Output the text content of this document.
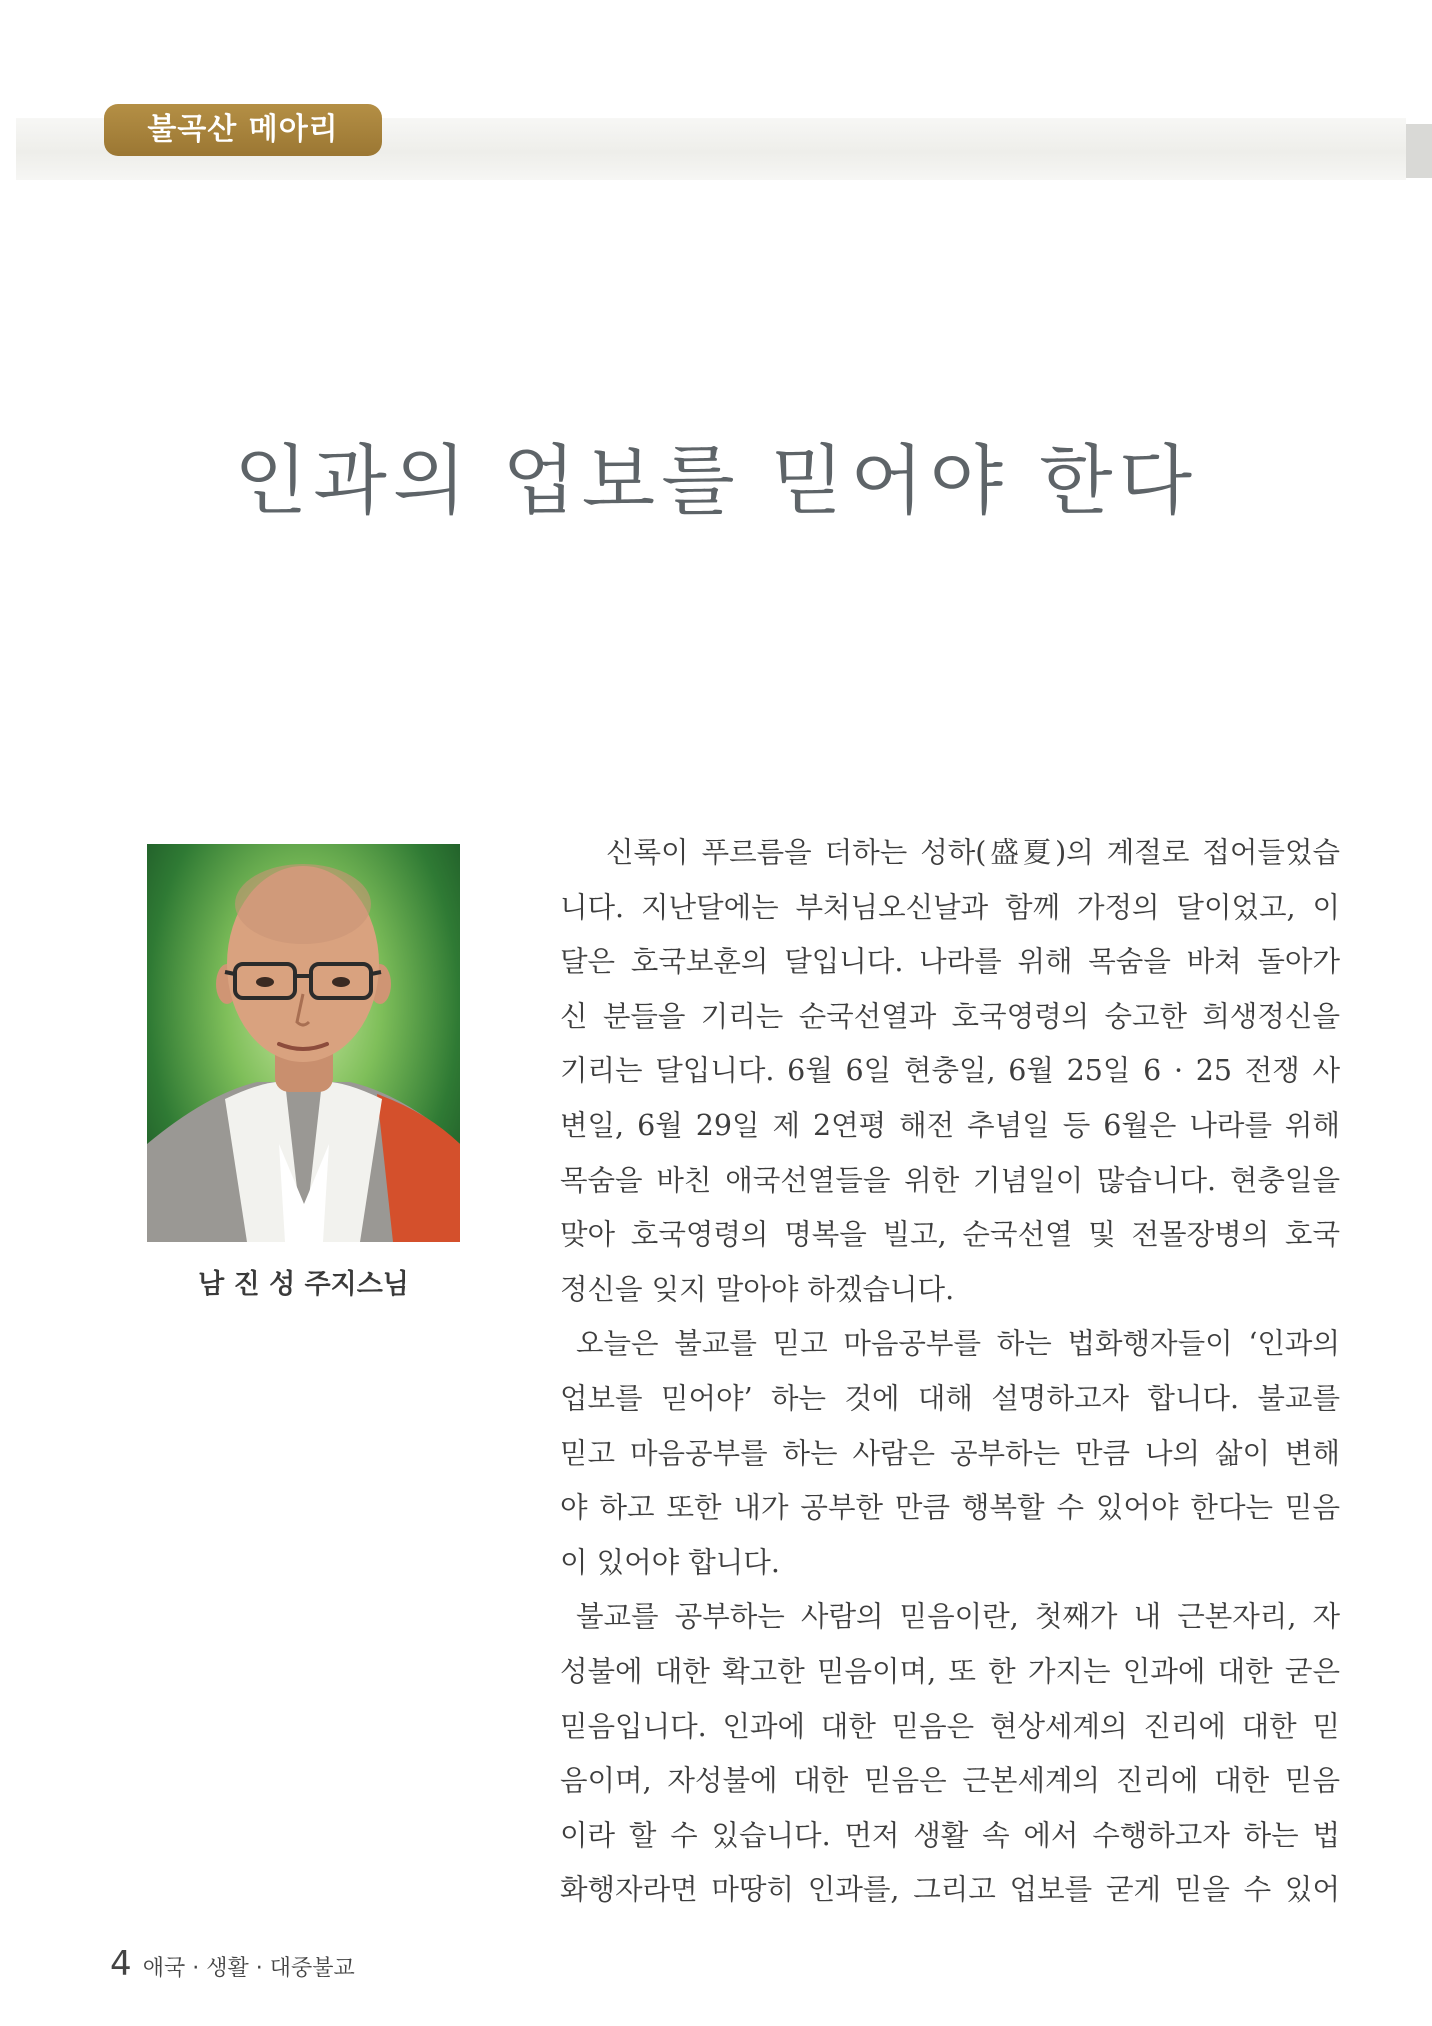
불곡산 메아리
인과의 업보를 믿어야 한다
남 진 성 주지스님
신록이 푸르름을 더하는 성하(盛夏)의 계절로 접어들었습
니다. 지난달에는 부처님오신날과 함께 가정의 달이었고, 이
달은 호국보훈의 달입니다. 나라를 위해 목숨을 바쳐 돌아가
신 분들을 기리는 순국선열과 호국영령의 숭고한 희생정신을
기리는 달입니다. 6월 6일 현충일, 6월 25일 6 · 25 전쟁 사
변일, 6월 29일 제 2연평 해전 추념일 등 6월은 나라를 위해
목숨을 바친 애국선열들을 위한 기념일이 많습니다. 현충일을
맞아 호국영령의 명복을 빌고, 순국선열 및 전몰장병의 호국
정신을 잊지 말아야 하겠습니다.
오늘은 불교를 믿고 마음공부를 하는 법화행자들이 ‘인과의
업보를 믿어야’ 하는 것에 대해 설명하고자 합니다. 불교를
믿고 마음공부를 하는 사람은 공부하는 만큼 나의 삶이 변해
야 하고 또한 내가 공부한 만큼 행복할 수 있어야 한다는 믿음
이 있어야 합니다.
불교를 공부하는 사람의 믿음이란, 첫째가 내 근본자리, 자
성불에 대한 확고한 믿음이며, 또 한 가지는 인과에 대한 굳은
믿음입니다. 인과에 대한 믿음은 현상세계의 진리에 대한 믿
음이며, 자성불에 대한 믿음은 근본세계의 진리에 대한 믿음
이라 할 수 있습니다. 먼저 생활 속 에서 수행하고자 하는 법
화행자라면 마땅히 인과를, 그리고 업보를 굳게 믿을 수 있어
4 애국 · 생활 · 대중불교
